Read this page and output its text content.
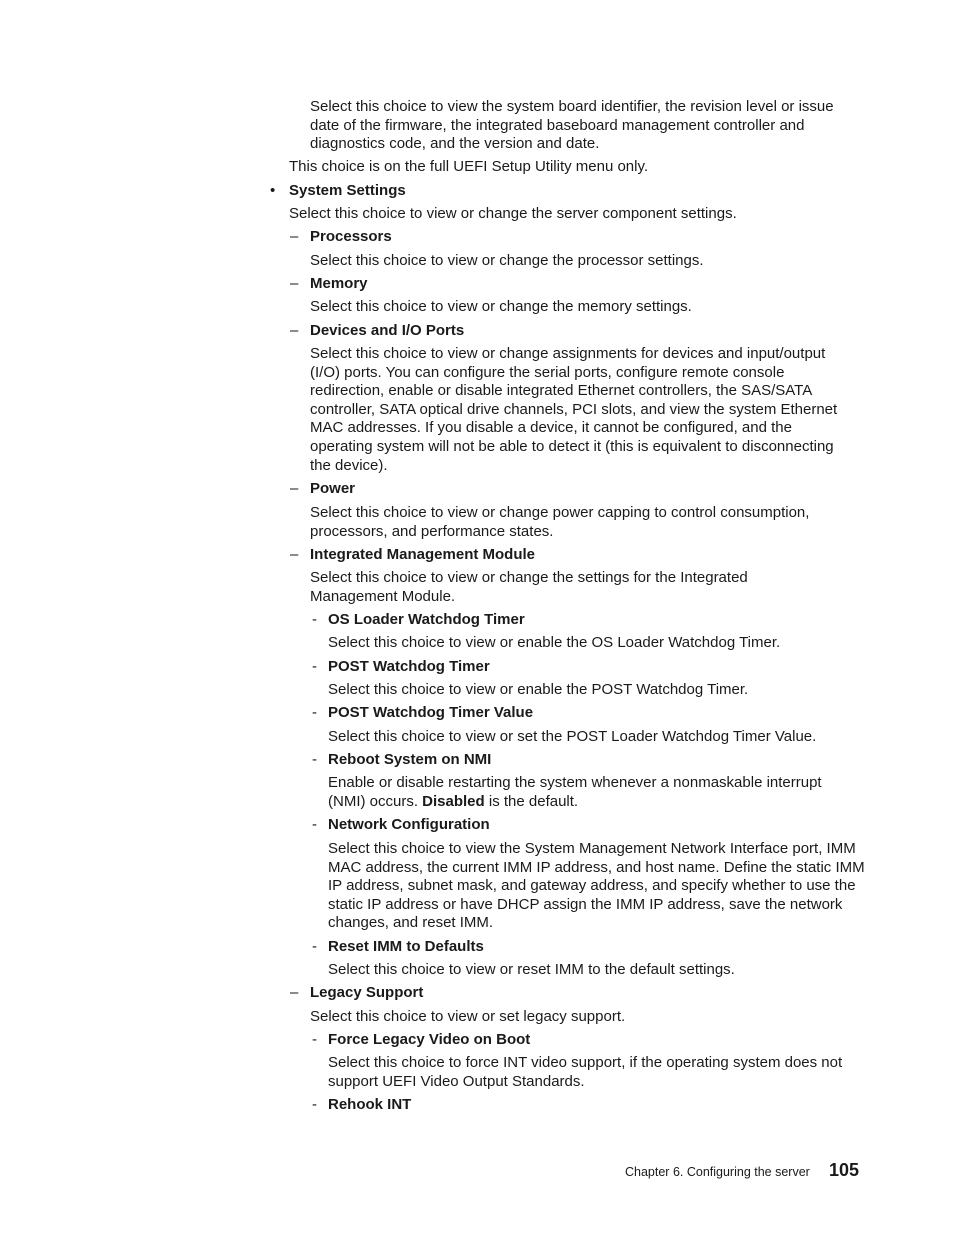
Select this choice to view the system board identifier, the revision level or issue date of the firmware, the integrated baseboard management controller and diagnostics code, and the version and date.

This choice is on the full UEFI Setup Utility menu only.

• System Settings

Select this choice to view or change the server component settings.

– Processors

Select this choice to view or change the processor settings.

– Memory

Select this choice to view or change the memory settings.

– Devices and I/O Ports

Select this choice to view or change assignments for devices and input/output (I/O) ports. You can configure the serial ports, configure remote console redirection, enable or disable integrated Ethernet controllers, the SAS/SATA controller, SATA optical drive channels, PCI slots, and view the system Ethernet MAC addresses. If you disable a device, it cannot be configured, and the operating system will not be able to detect it (this is equivalent to disconnecting the device).

– Power

Select this choice to view or change power capping to control consumption, processors, and performance states.

– Integrated Management Module

Select this choice to view or change the settings for the Integrated Management Module.

- OS Loader Watchdog Timer

Select this choice to view or enable the OS Loader Watchdog Timer.

- POST Watchdog Timer

Select this choice to view or enable the POST Watchdog Timer.

- POST Watchdog Timer Value

Select this choice to view or set the POST Loader Watchdog Timer Value.

- Reboot System on NMI

Enable or disable restarting the system whenever a nonmaskable interrupt (NMI) occurs. Disabled is the default.

- Network Configuration

Select this choice to view the System Management Network Interface port, IMM MAC address, the current IMM IP address, and host name. Define the static IMM IP address, subnet mask, and gateway address, and specify whether to use the static IP address or have DHCP assign the IMM IP address, save the network changes, and reset IMM.

- Reset IMM to Defaults

Select this choice to view or reset IMM to the default settings.

– Legacy Support

Select this choice to view or set legacy support.

- Force Legacy Video on Boot

Select this choice to force INT video support, if the operating system does not support UEFI Video Output Standards.

- Rehook INT

Chapter 6. Configuring the server 105
